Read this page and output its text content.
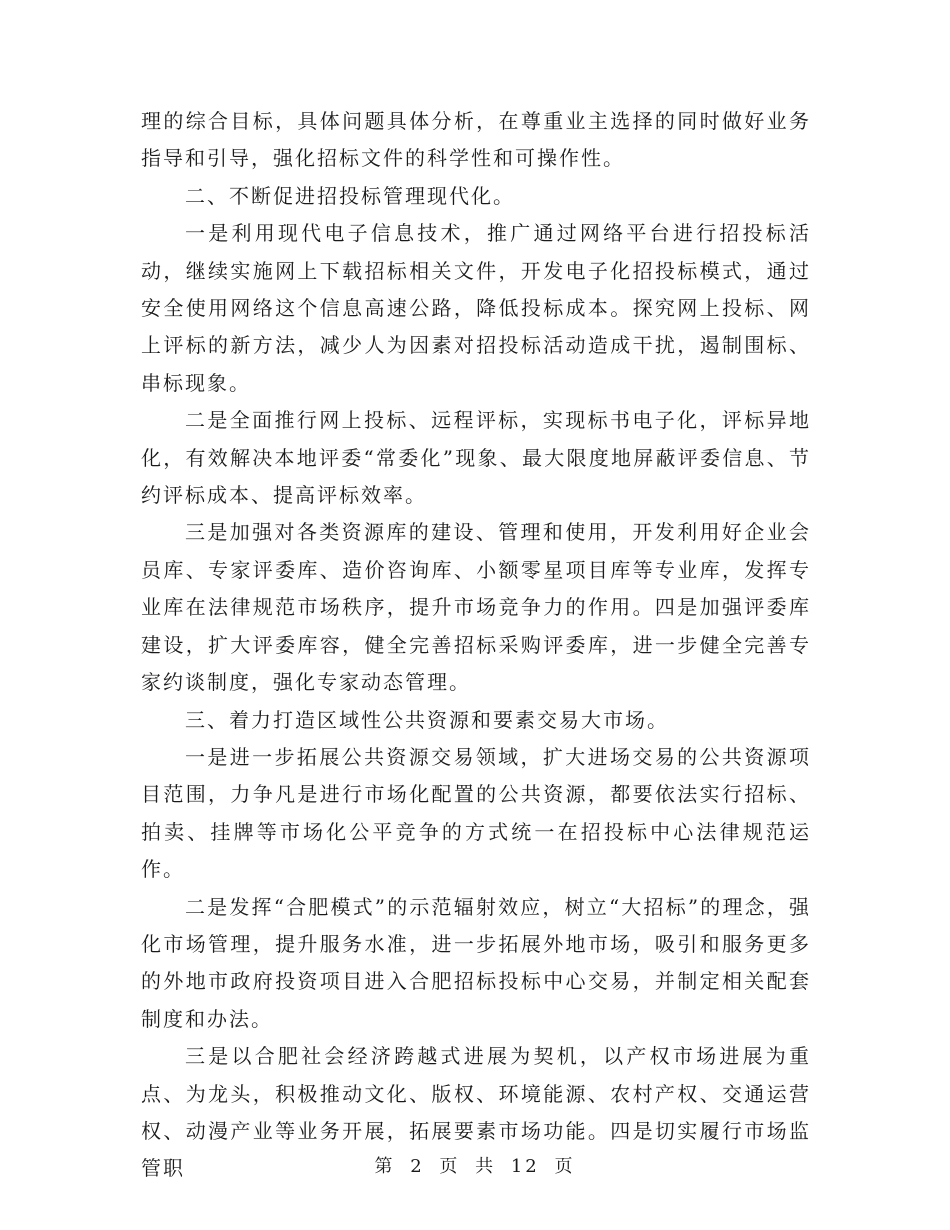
理的综合目标，具体问题具体分析，在尊重业主选择的同时做好业务指导和引导，强化招标文件的科学性和可操作性。

二、不断促进招投标管理现代化。

一是利用现代电子信息技术，推广通过网络平台进行招投标活动，继续实施网上下载招标相关文件，开发电子化招投标模式，通过安全使用网络这个信息高速公路，降低投标成本。探究网上投标、网上评标的新方法，减少人为因素对招投标活动造成干扰，遏制围标、串标现象。

二是全面推行网上投标、远程评标，实现标书电子化，评标异地化，有效解决本地评委“常委化”现象、最大限度地屏蔽评委信息、节约评标成本、提高评标效率。

三是加强对各类资源库的建设、管理和使用，开发利用好企业会员库、专家评委库、造价咨询库、小额零星项目库等专业库，发挥专业库在法律规范市场秩序，提升市场竞争力的作用。四是加强评委库建设，扩大评委库容，健全完善招标采购评委库，进一步健全完善专家约谈制度，强化专家动态管理。

三、着力打造区域性公共资源和要素交易大市场。

一是进一步拓展公共资源交易领域，扩大进场交易的公共资源项目范围，力争凡是进行市场化配置的公共资源，都要依法实行招标、拍卖、挂牌等市场化公平竞争的方式统一在招投标中心法律规范运作。

二是发挥“合肥模式”的示范辐射效应，树立“大招标”的理念，强化市场管理，提升服务水准，进一步拓展外地市场，吸引和服务更多的外地市政府投资项目进入合肥招标投标中心交易，并制定相关配套制度和办法。

三是以合肥社会经济跨越式进展为契机，以产权市场进展为重点、为龙头，积极推动文化、版权、环境能源、农村产权、交通运营权、动漫产业等业务开展，拓展要素市场功能。四是切实履行市场监管职	第 2 页 共 12 页
